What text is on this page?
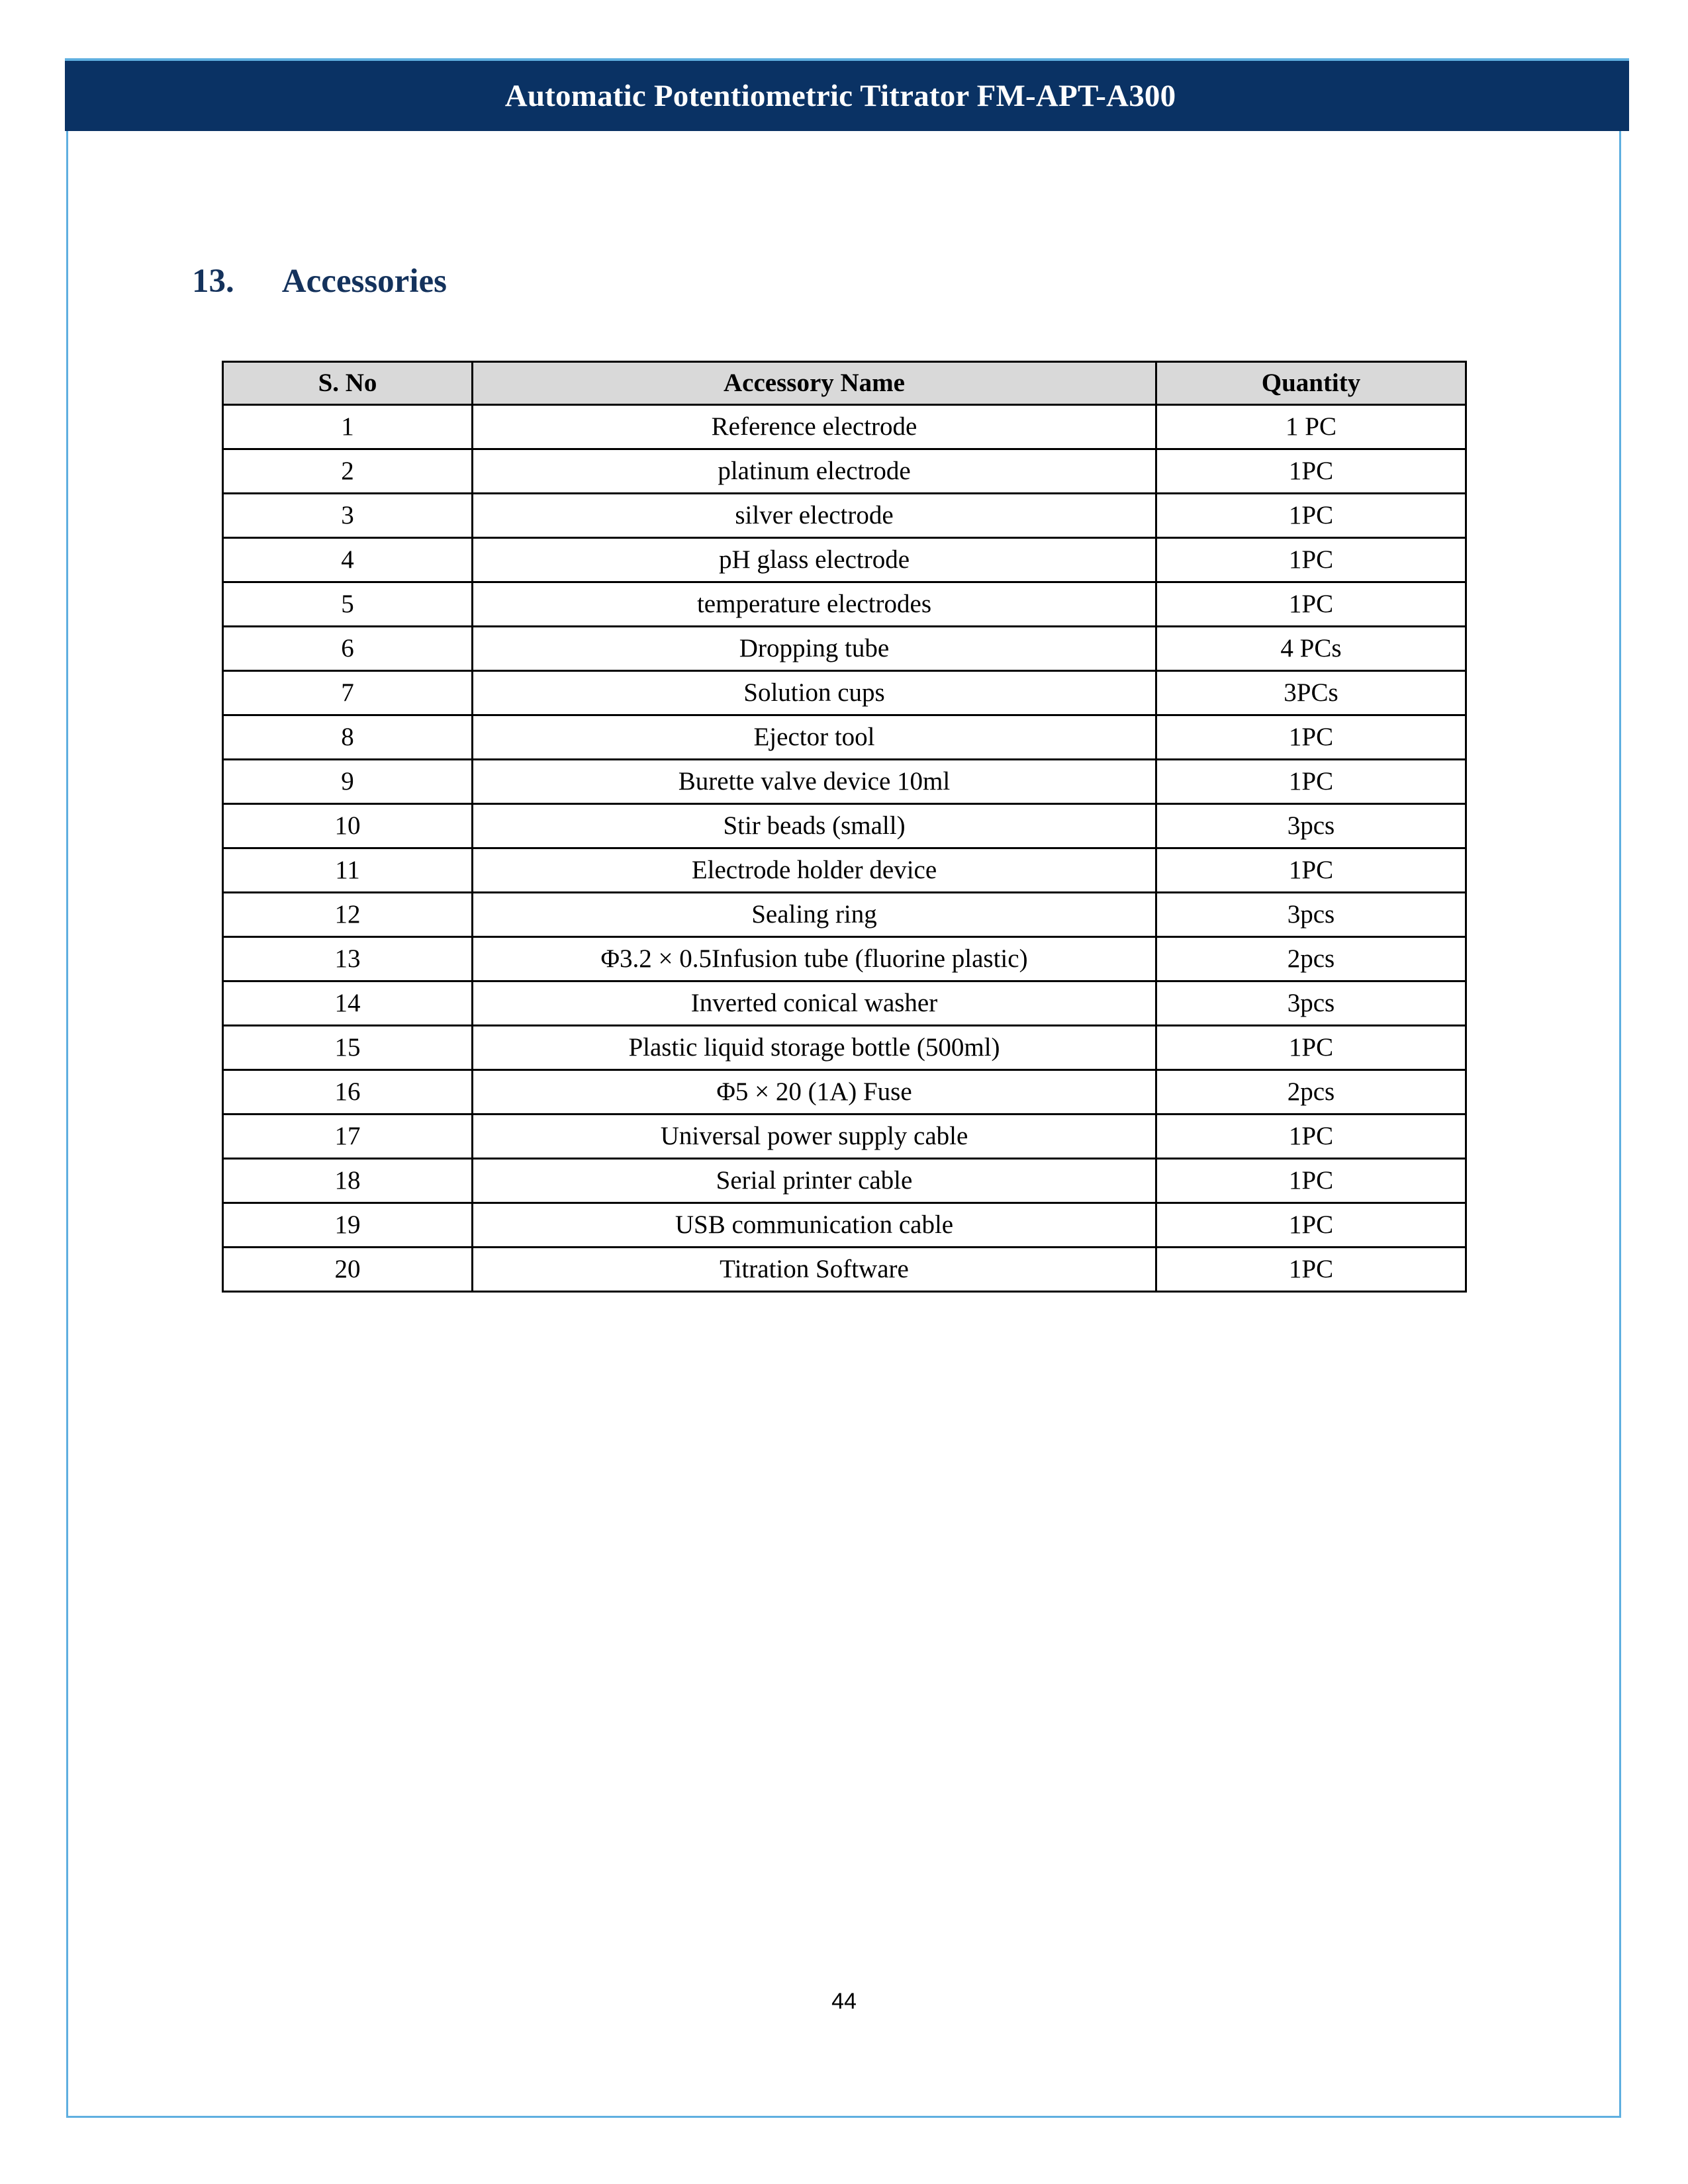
Automatic Potentiometric Titrator FM-APT-A300
13. Accessories
S. No	Accessory Name	Quantity
1	Reference electrode	1 PC
2	platinum electrode	1PC
3	silver electrode	1PC
4	pH glass electrode	1PC
5	temperature electrodes	1PC
6	Dropping tube	4 PCs
7	Solution cups	3PCs
8	Ejector tool	1PC
9	Burette valve device 10ml	1PC
10	Stir beads (small)	3pcs
11	Electrode holder device	1PC
12	Sealing ring	3pcs
13	Φ3.2 × 0.5Infusion tube (fluorine plastic)	2pcs
14	Inverted conical washer	3pcs
15	Plastic liquid storage bottle (500ml)	1PC
16	Φ5 × 20 (1A) Fuse	2pcs
17	Universal power supply cable	1PC
18	Serial printer cable	1PC
19	USB communication cable	1PC
20	Titration Software	1PC
44
